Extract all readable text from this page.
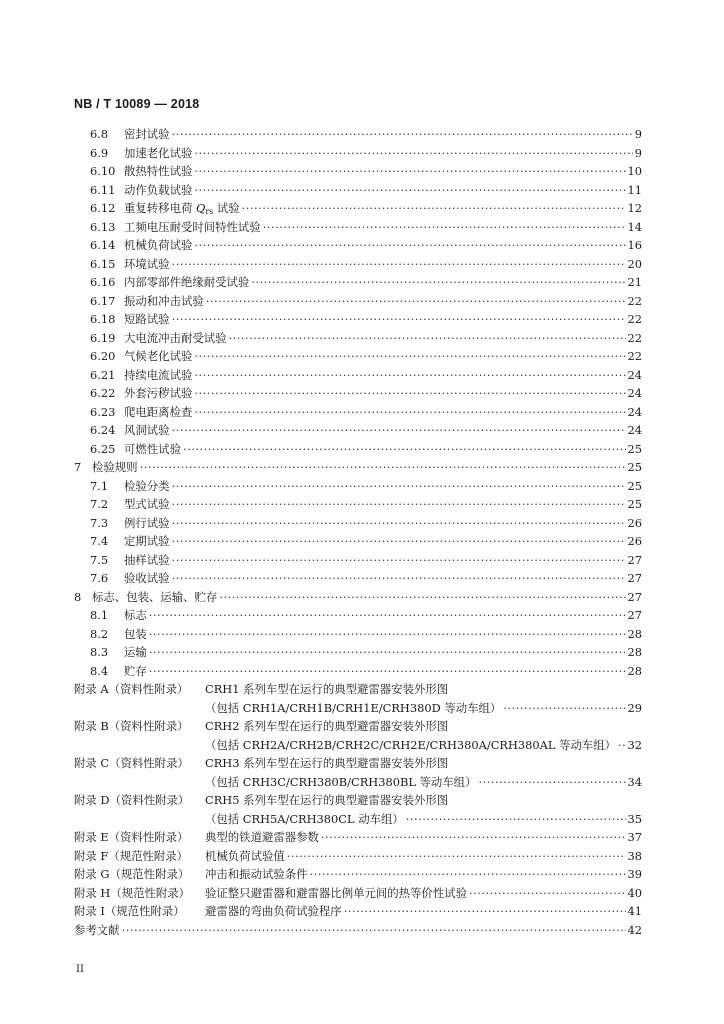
NB / T 10089 — 2018
6.8	密封试验 ·····	9
6.9	加速老化试验 ·····	9
6.10 散热特性试验 ·····	10
6.11 动作负载试验 ·····	11
6.12 重复转移电荷 $Q_{rs}$ 试验 ·····	12
6.13 工频电压耐受时间特性试验 ·····	14
6.14 机械负荷试验 ·····	16
6.15 环境试验 ·····	20
6.16 内部零部件绝缘耐受试验 ·····	21
6.17 振动和冲击试验 ·····	22
6.18 短路试验 ·····	22
6.19 大电流冲击耐受试验 ·····	22
6.20 气候老化试验 ·····	22
6.21 持续电流试验 ·····	24
6.22 外套污秽试验 ·····	24
6.23 爬电距离检查 ·····	24
6.24 风洞试验 ·····	24
6.25 可燃性试验 ·····	25
7 检验规则 ·····	25
7.1	检验分类 ·····	25
7.2	型式试验 ·····	25
7.3	例行试验 ·····	26
7.4	定期试验 ·····	26
7.5	抽样试验 ·····	27
7.6	验收试验 ·····	27
8 标志、包装、运输、贮存 ·····	27
8.1	标志 ·····	27
8.2	包装 ·····	28
8.3	运输 ·····	28
8.4	贮存 ·····	28
附录 A（资料性附录）	CRH1 系列车型在运行的典型避雷器安装外形图
（包括 CRH1A/CRH1B/CRH1E/CRH380D 等动车组） ·····	29
附录 B（资料性附录）	CRH2 系列车型在运行的典型避雷器安装外形图
（包括 CRH2A/CRH2B/CRH2C/CRH2E/CRH380A/CRH380AL 等动车组） ····· 32
附录 C（资料性附录）	CRH3 系列车型在运行的典型避雷器安装外形图
（包括 CRH3C/CRH380B/CRH380BL 等动车组） ·····	34
附录 D（资料性附录）	CRH5 系列车型在运行的典型避雷器安装外形图
（包括 CRH5A/CRH380CL 动车组） ·····	35
附录 E（资料性附录）	典型的铁道避雷器参数 ·····	37
附录 F（规范性附录）	机械负荷试验值 ·····	38
附录 G（规范性附录）	冲击和振动试验条件 ·····	39
附录 H（规范性附录）	验证整只避雷器和避雷器比例单元间的热等价性试验 ·····	40
附录 I（规范性附录）	避雷器的弯曲负荷试验程序 ·····	41
参考文献 ·····	42
II
